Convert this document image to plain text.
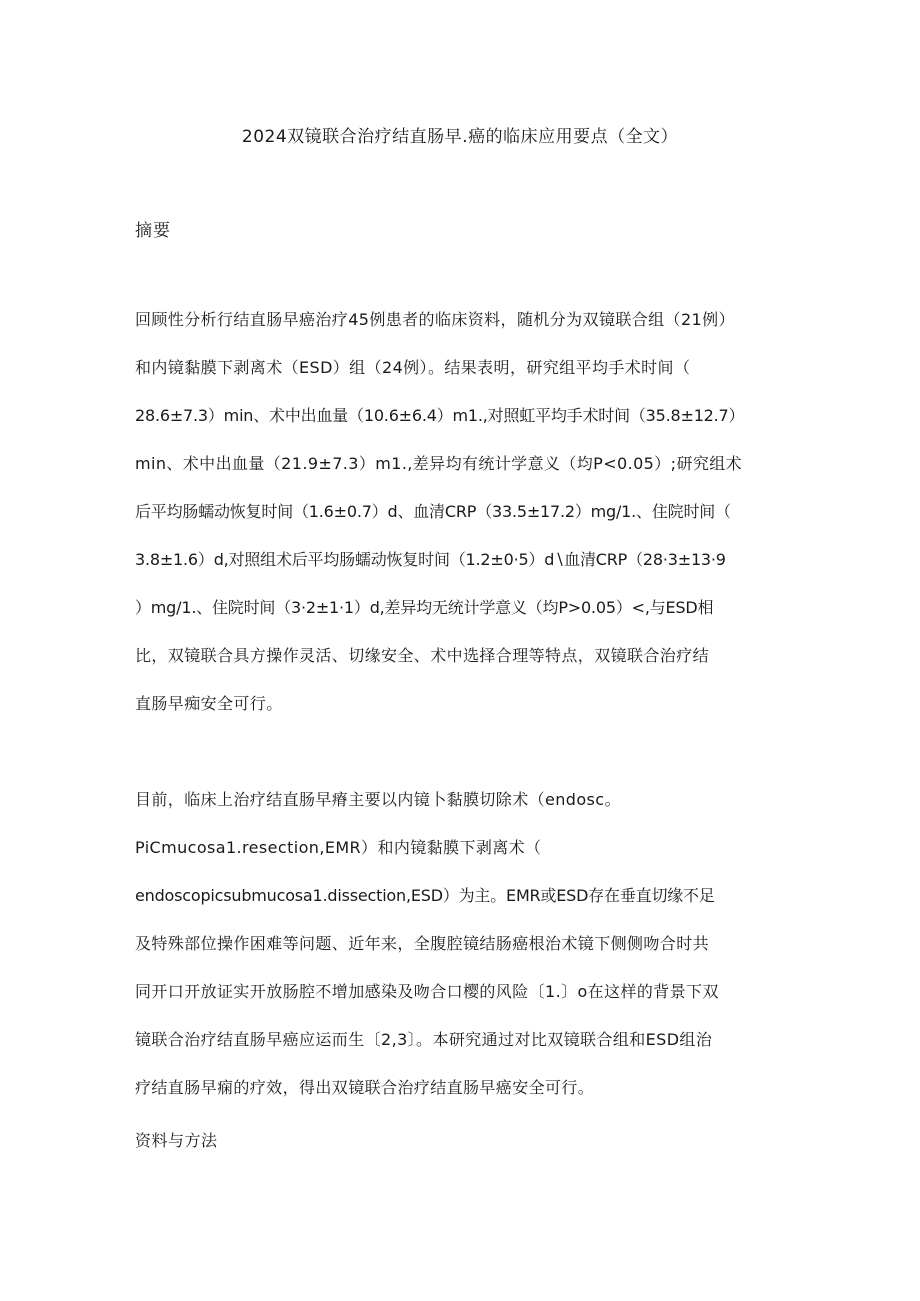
2024双镜联合治疗结直肠早.癌的临床应用要点（全文）
摘要
回顾性分析行结直肠早癌治疗45例患者的临床资料，随机分为双镜联合组（21例）
和内镜黏膜下剥离术（ESD）组（24例）。结果表明，研究组平均手术时间（
28.6±7.3）min、术中出血量（10.6±6.4）m1.,对照虹平均手术时间（35.8±12.7）
min、术中出血量（21.9±7.3）m1.,差异均有统计学意义（均P<0.05）;研究组术
后平均肠蠕动恢复时间（1.6±0.7）d、血清CRP（33.5±17.2）mg/1.、住院时间（
3.8±1.6）d,对照组术后平均肠蠕动恢复时间（1.2±0·5）d∖血清CRP（28·3±13·9
）mg/1.、住院时间（3·2±1·1）d,差异均无统计学意义（均P>0.05）<,与ESD相
比，双镜联合具方操作灵活、切缘安全、术中选择合理等特点，双镜联合治疗结
直肠早痴安全可行。
目前，临床上治疗结直肠早瘠主要以内镜卜黏膜切除术（endosc。
PiCmucosa1.resection,EMR）和内镜黏膜下剥离术（
endoscopicsubmucosa1.dissection,ESD）为主。EMR或ESD存在垂直切缘不足
及特殊部位操作困难等问题、近年来，全腹腔镜结肠癌根治术镜下侧侧吻合时共
同开口开放证实开放肠腔不增加感染及吻合口樱的风险〔1.〕o在这样的背景下双
镜联合治疗结直肠早癌应运而生〔2,3〕。本研究通过对比双镜联合组和ESD组治
疗结直肠早痫的疗效，得出双镜联合治疗结直肠早癌安全可行。
资料与方法
